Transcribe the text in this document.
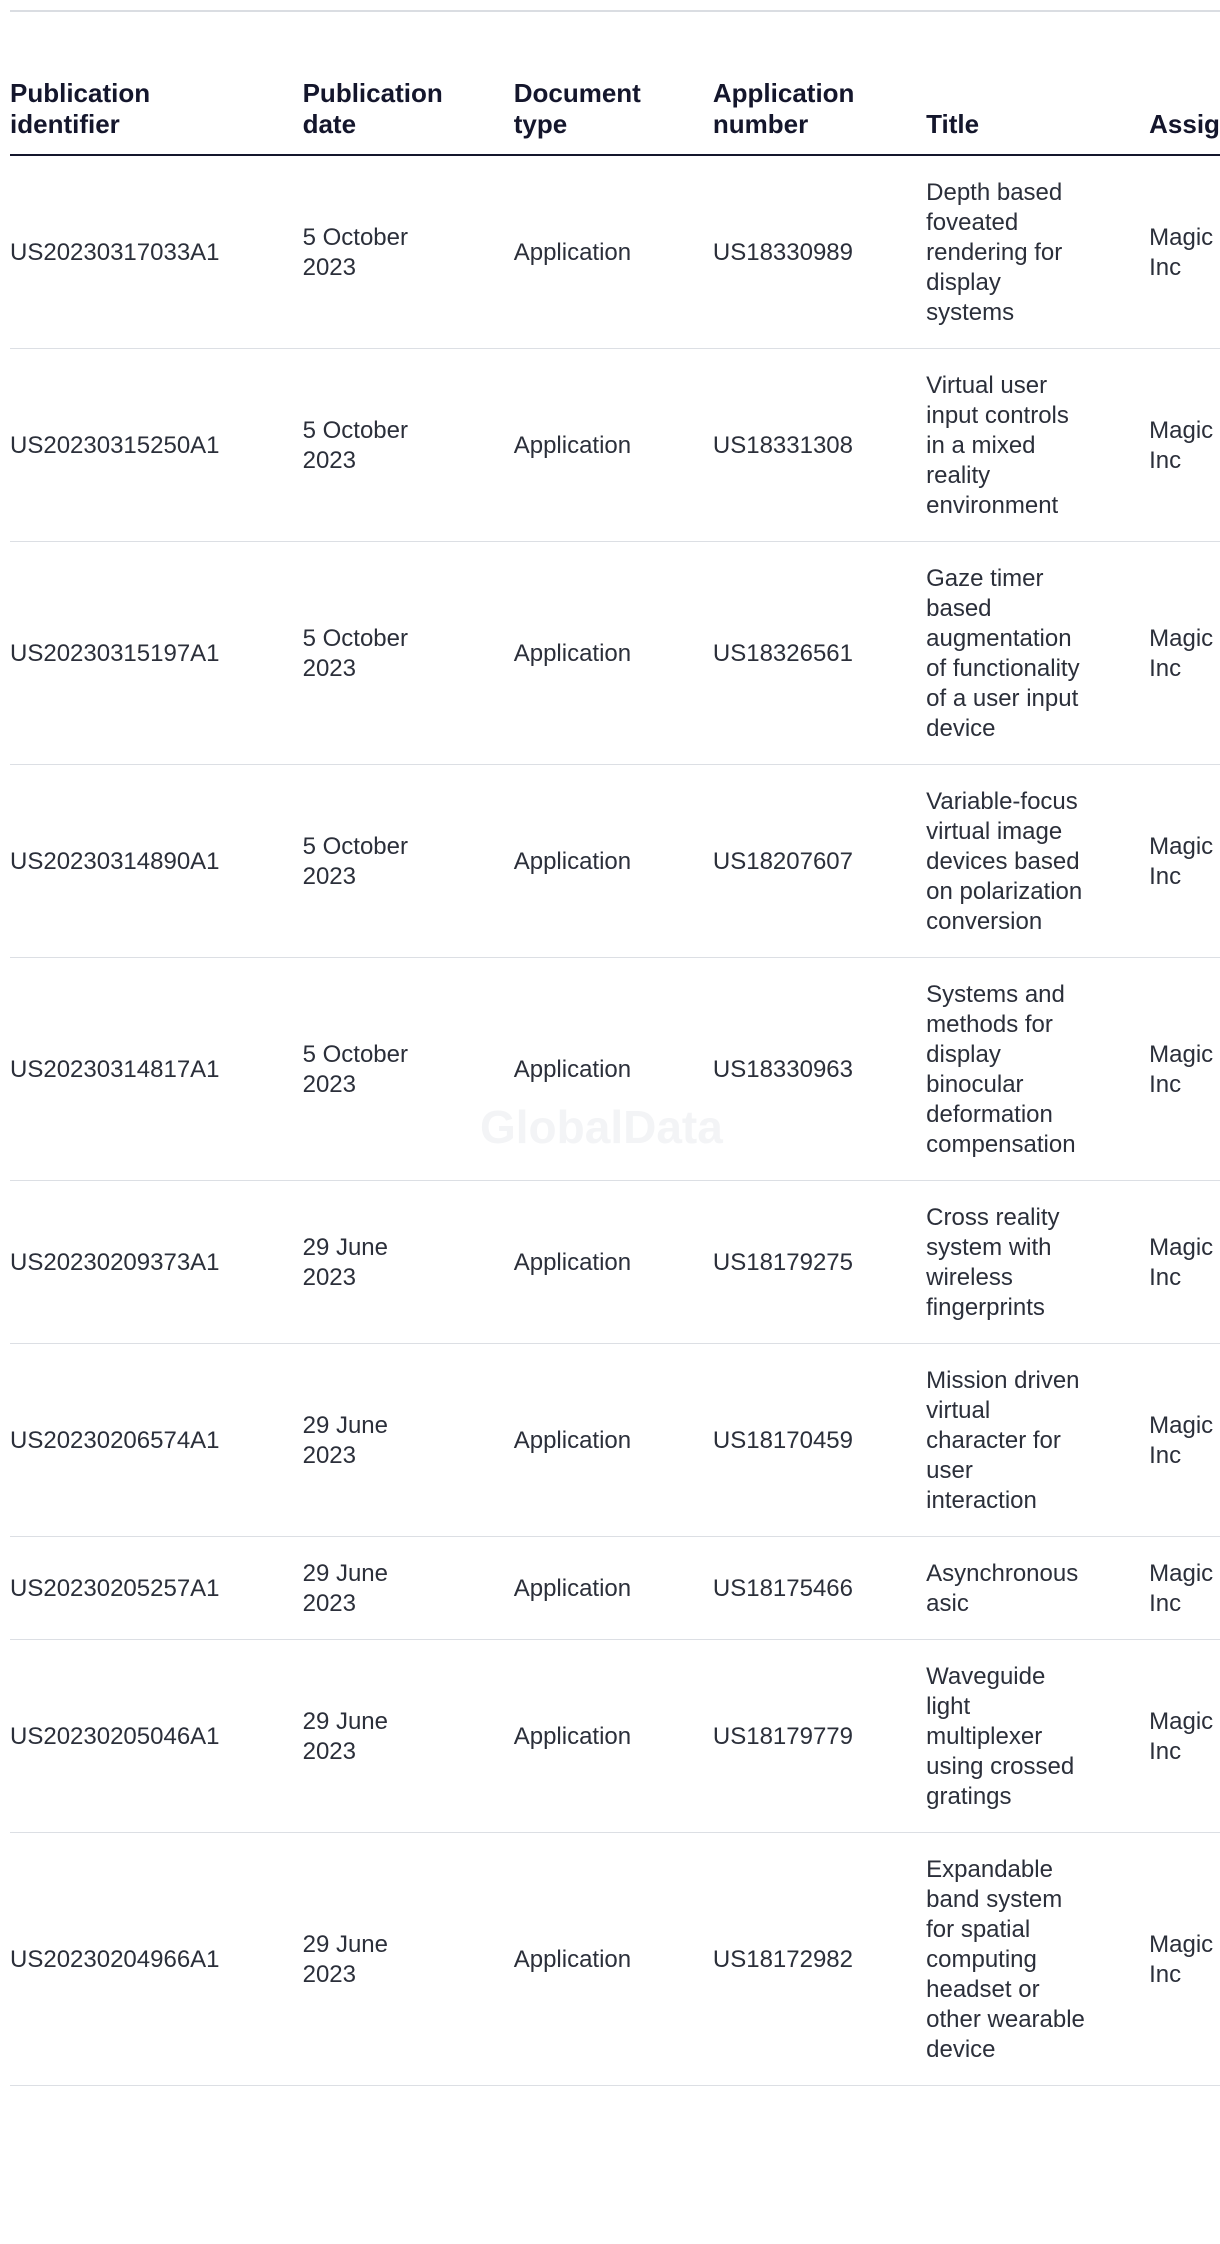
GlobalData
Publication identifier	Publication date	Document type	Application number	Title	Assig
US20230317033A1	5 October 2023	Application	US18330989	Depth based foveated rendering for display systems	Magic Inc

US20230315250A1	5 October 2023	Application	US18331308	Virtual user input controls in a mixed reality environment	Magic Inc

US20230315197A1	5 October 2023	Application	US18326561	Gaze timer based augmentation of functionality of a user input device	Magic Inc

US20230314890A1	5 October 2023	Application	US18207607	Variable-focus virtual image devices based on polarization conversion	Magic Inc

US20230314817A1	5 October 2023	Application	US18330963	Systems and methods for display binocular deformation compensation	Magic Inc

US20230209373A1	29 June 2023	Application	US18179275	Cross reality system with wireless fingerprints	Magic Inc

US20230206574A1	29 June 2023	Application	US18170459	Mission driven virtual character for user interaction	Magic Inc

US20230205257A1	29 June 2023	Application	US18175466	Asynchronous asic	Magic Inc

US20230205046A1	29 June 2023	Application	US18179779	Waveguide light multiplexer using crossed gratings	Magic Inc

US20230204966A1	29 June 2023	Application	US18172982	Expandable band system for spatial computing headset or other wearable device	Magic Inc
